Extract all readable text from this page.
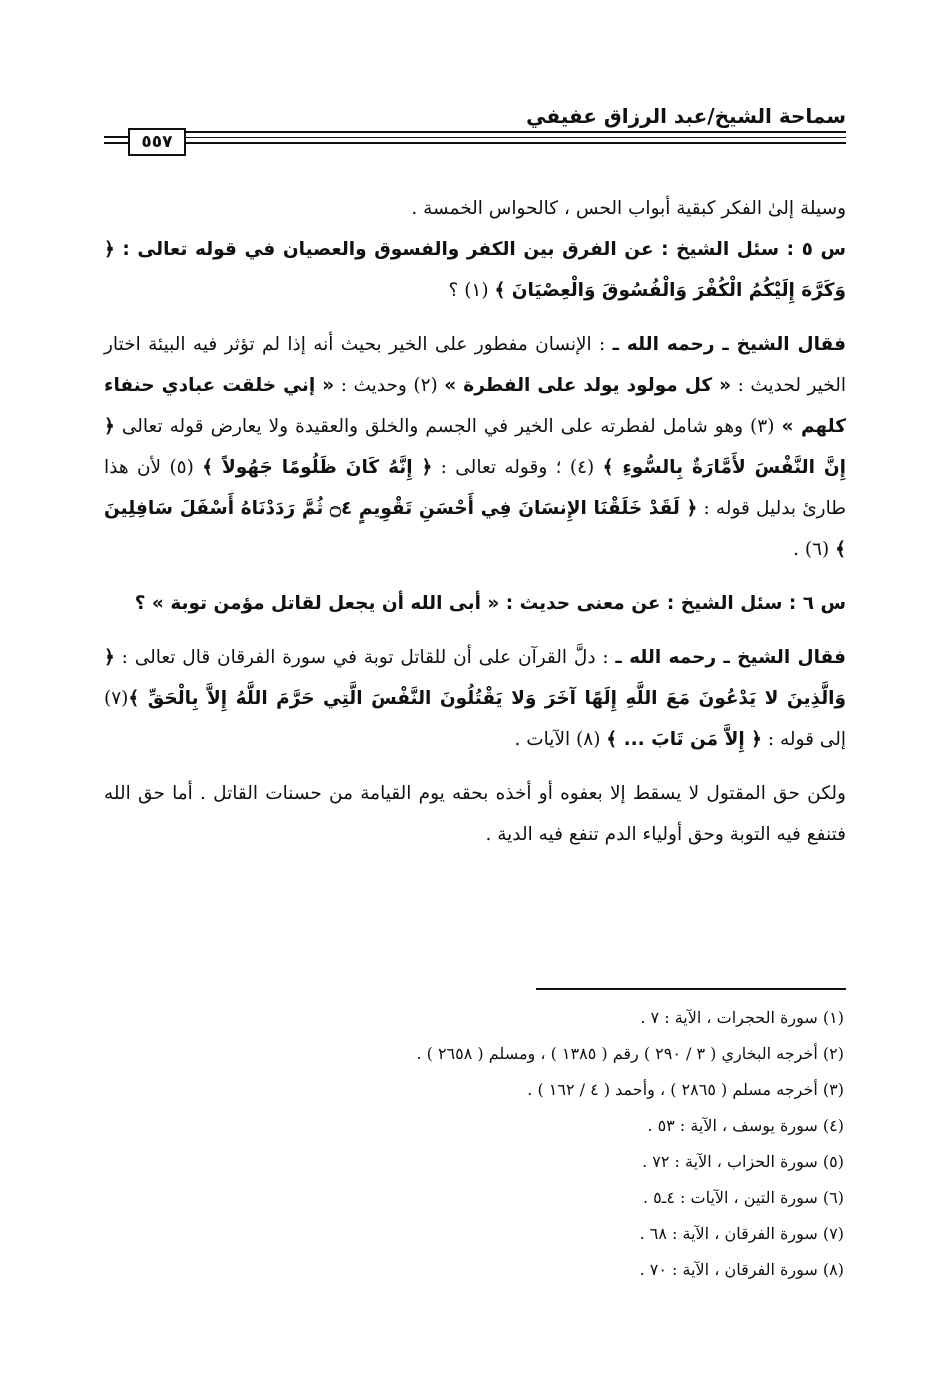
سماحة الشيخ/عبد الرزاق عفيفي
٥٥٧

وسيلة إلىٰ الفكر كبقية أبواب الحس ، كالحواس الخمسة .

س ٥ : سئل الشيخ : عن الفرق بين الكفر والفسوق والعصيان في قوله تعالى : ﴿ وَكَرَّهَ إِلَيْكُمُ الْكُفْرَ وَالْفُسُوقَ وَالْعِصْيَانَ ﴾ (١) ؟

فقال الشيخ ـ رحمه الله ـ : الإنسان مفطور على الخير بحيث أنه إذا لم تؤثر فيه البيئة اختار الخير لحديث : « كل مولود يولد على الفطرة » (٢) وحديث : « إني خلقت عبادي حنفاء كلهم » (٣) وهو شامل لفطرته على الخير في الجسم والخلق والعقيدة ولا يعارض قوله تعالى ﴿ إِنَّ النَّفْسَ لأَمَّارَةٌ بِالسُّوءِ ﴾ (٤) ؛ وقوله تعالى : ﴿ إِنَّهُ كَانَ ظَلُومًا جَهُولاً ﴾ (٥) لأن هذا طارئ بدليل قوله : ﴿ لَقَدْ خَلَقْنَا الإِنسَانَ فِي أَحْسَنِ تَقْوِيمٍ ۝٤ ثُمَّ رَدَدْنَاهُ أَسْفَلَ سَافِلِينَ ﴾ (٦) .

س ٦ : سئل الشيخ : عن معنى حديث : « أبى الله أن يجعل لقاتل مؤمن توبة » ؟

فقال الشيخ ـ رحمه الله ـ : دلَّ القرآن على أن للقاتل توبة في سورة الفرقان قال تعالى : ﴿ وَالَّذِينَ لا يَدْعُونَ مَعَ اللَّهِ إِلَهًا آخَرَ وَلا يَقْتُلُونَ النَّفْسَ الَّتِي حَرَّمَ اللَّهُ إِلاَّ بِالْحَقِّ ﴾(٧) إلى قوله : ﴿ إِلاَّ مَن تَابَ ... ﴾ (٨) الآيات .

ولكن حق المقتول لا يسقط إلا بعفوه أو أخذه بحقه يوم القيامة من حسنات القاتل . أما حق الله فتنفع فيه التوبة وحق أولياء الدم تنفع فيه الدية .

(١) سورة الحجرات ، الآية : ٧ .
(٢) أخرجه البخاري ( ٣ / ٢٩٠ ) رقم ( ١٣٨٥ ) ، ومسلم ( ٢٦٥٨ ) .
(٣) أخرجه مسلم ( ٢٨٦٥ ) ، وأحمد ( ٤ / ١٦٢ ) .
(٤) سورة يوسف ، الآية : ٥٣ .
(٥) سورة الحزاب ، الآية : ٧٢ .
(٦) سورة التين ، الآيات : ٤ـ٥ .
(٧) سورة الفرقان ، الآية : ٦٨ .
(٨) سورة الفرقان ، الآية : ٧٠ .
